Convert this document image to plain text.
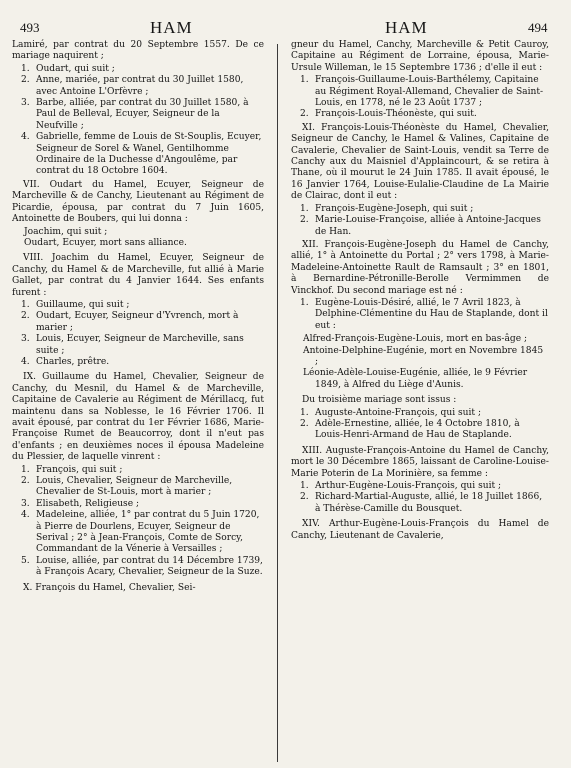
493	HAM	HAM	494

Lamiré, par contrat du 20 Septembre 1557. De ce mariage naquirent ;

1. Oudart, qui suit ;
2. Anne, mariée, par contrat du 30 Juillet 1580, avec Antoine L'Orfèvre ;
3. Barbe, alliée, par contrat du 30 Juillet 1580, à Paul de Belleval, Ecuyer, Seigneur de la Neufville ;
4. Gabrielle, femme de Louis de St-Souplis, Ecuyer, Seigneur de Sorel & Wanel, Gentilhomme Ordinaire de la Duchesse d'Angoulême, par contrat du 18 Octobre 1604.

VII. Oudart du Hamel, Ecuyer, Seigneur de Marcheville & de Canchy, Lieutenant au Régiment de Picardie, épousa, par contrat du 7 Juin 1605, Antoinette de Boubers, qui lui donna :

Joachim, qui suit ;
Oudart, Ecuyer, mort sans alliance.

VIII. Joachim du Hamel, Ecuyer, Seigneur de Canchy, du Hamel & de Marcheville, fut allié à Marie Gallet, par contrat du 4 Janvier 1644. Ses enfants furent :

1. Guillaume, qui suit ;
2. Oudart, Ecuyer, Seigneur d'Yvrench, mort à marier ;
3. Louis, Ecuyer, Seigneur de Marcheville, sans suite ;
4. Charles, prêtre.

IX. Guillaume du Hamel, Chevalier, Seigneur de Canchy, du Mesnil, du Hamel & de Marcheville, Capitaine de Cavalerie au Régiment de Mérillacq, fut maintenu dans sa Noblesse, le 16 Février 1706. Il avait épousé, par contrat du 1er Février 1686, Marie-Françoise Rumet de Beaucorroy, dont il n'eut pas d'enfants ; en deuxièmes noces il épousa Madeleine du Plessier, de laquelle vinrent :

1. François, qui suit ;
2. Louis, Chevalier, Seigneur de Marcheville, Chevalier de St-Louis, mort à marier ;
3. Elisabeth, Religieuse ;
4. Madeleine, alliée, 1° par contrat du 5 Juin 1720, à Pierre de Dourlens, Ecuyer, Seigneur de Serival ; 2° à Jean-François, Comte de Sorcy, Commandant de la Vénerie à Versailles ;
5. Louise, alliée, par contrat du 14 Décembre 1739, à François Acary, Chevalier, Seigneur de la Suze.

X. François du Hamel, Chevalier, Sei-

gneur du Hamel, Canchy, Marcheville & Petit Cauroy, Capitaine au Régiment de Lorraine, épousa, Marie-Ursule Willeman, le 15 Septembre 1736 ; d'elle il eut :

1. François-Guillaume-Louis-Barthélemy, Capitaine au Régiment Royal-Allemand, Chevalier de Saint-Louis, en 1778, né le 23 Août 1737 ;
2. François-Louis-Théonèste, qui suit.

XI. François-Louis-Théonèste du Hamel, Chevalier, Seigneur de Canchy, le Hamel & Valines, Capitaine de Cavalerie, Chevalier de Saint-Louis, vendit sa Terre de Canchy aux du Maisniel d'Applaincourt, & se retira à Thane, où il mourut le 24 Juin 1785. Il avait épousé, le 16 Janvier 1764, Louise-Eulalie-Claudine de La Mairie de Clairac, dont il eut :

1. François-Eugène-Joseph, qui suit ;
2. Marie-Louise-Françoise, alliée à Antoine-Jacques de Han.

XII. François-Eugène-Joseph du Hamel de Canchy, allié, 1° à Antoinette du Portal ; 2° vers 1798, à Marie-Madeleine-Antoinette Rault de Ramsault ; 3° en 1801, à Bernardine-Pétronille-Berolle Vermimmen de Vinckhof. Du second mariage est né :

1. Eugène-Louis-Désiré, allié, le 7 Avril 1823, à Delphine-Clémentine du Hau de Staplande, dont il eut :
Alfred-François-Eugène-Louis, mort en bas-âge ;
Antoine-Delphine-Eugénie, mort en Novembre 1845 ;
Léonie-Adèle-Louise-Eugénie, alliée, le 9 Février 1849, à Alfred du Liège d'Aunis.

Du troisième mariage sont issus :

1. Auguste-Antoine-François, qui suit ;
2. Adèle-Ernestine, alliée, le 4 Octobre 1810, à Louis-Henri-Armand de Hau de Staplande.

XIII. Auguste-François-Antoine du Hamel de Canchy, mort le 30 Décembre 1865, laissant de Caroline-Louise-Marie Poterin de La Morinière, sa femme :

1. Arthur-Eugène-Louis-François, qui suit ;
2. Richard-Martial-Auguste, allié, le 18 Juillet 1866, à Thérèse-Camille du Bousquet.

XIV. Arthur-Eugène-Louis-François du Hamel de Canchy, Lieutenant de Cavalerie,
